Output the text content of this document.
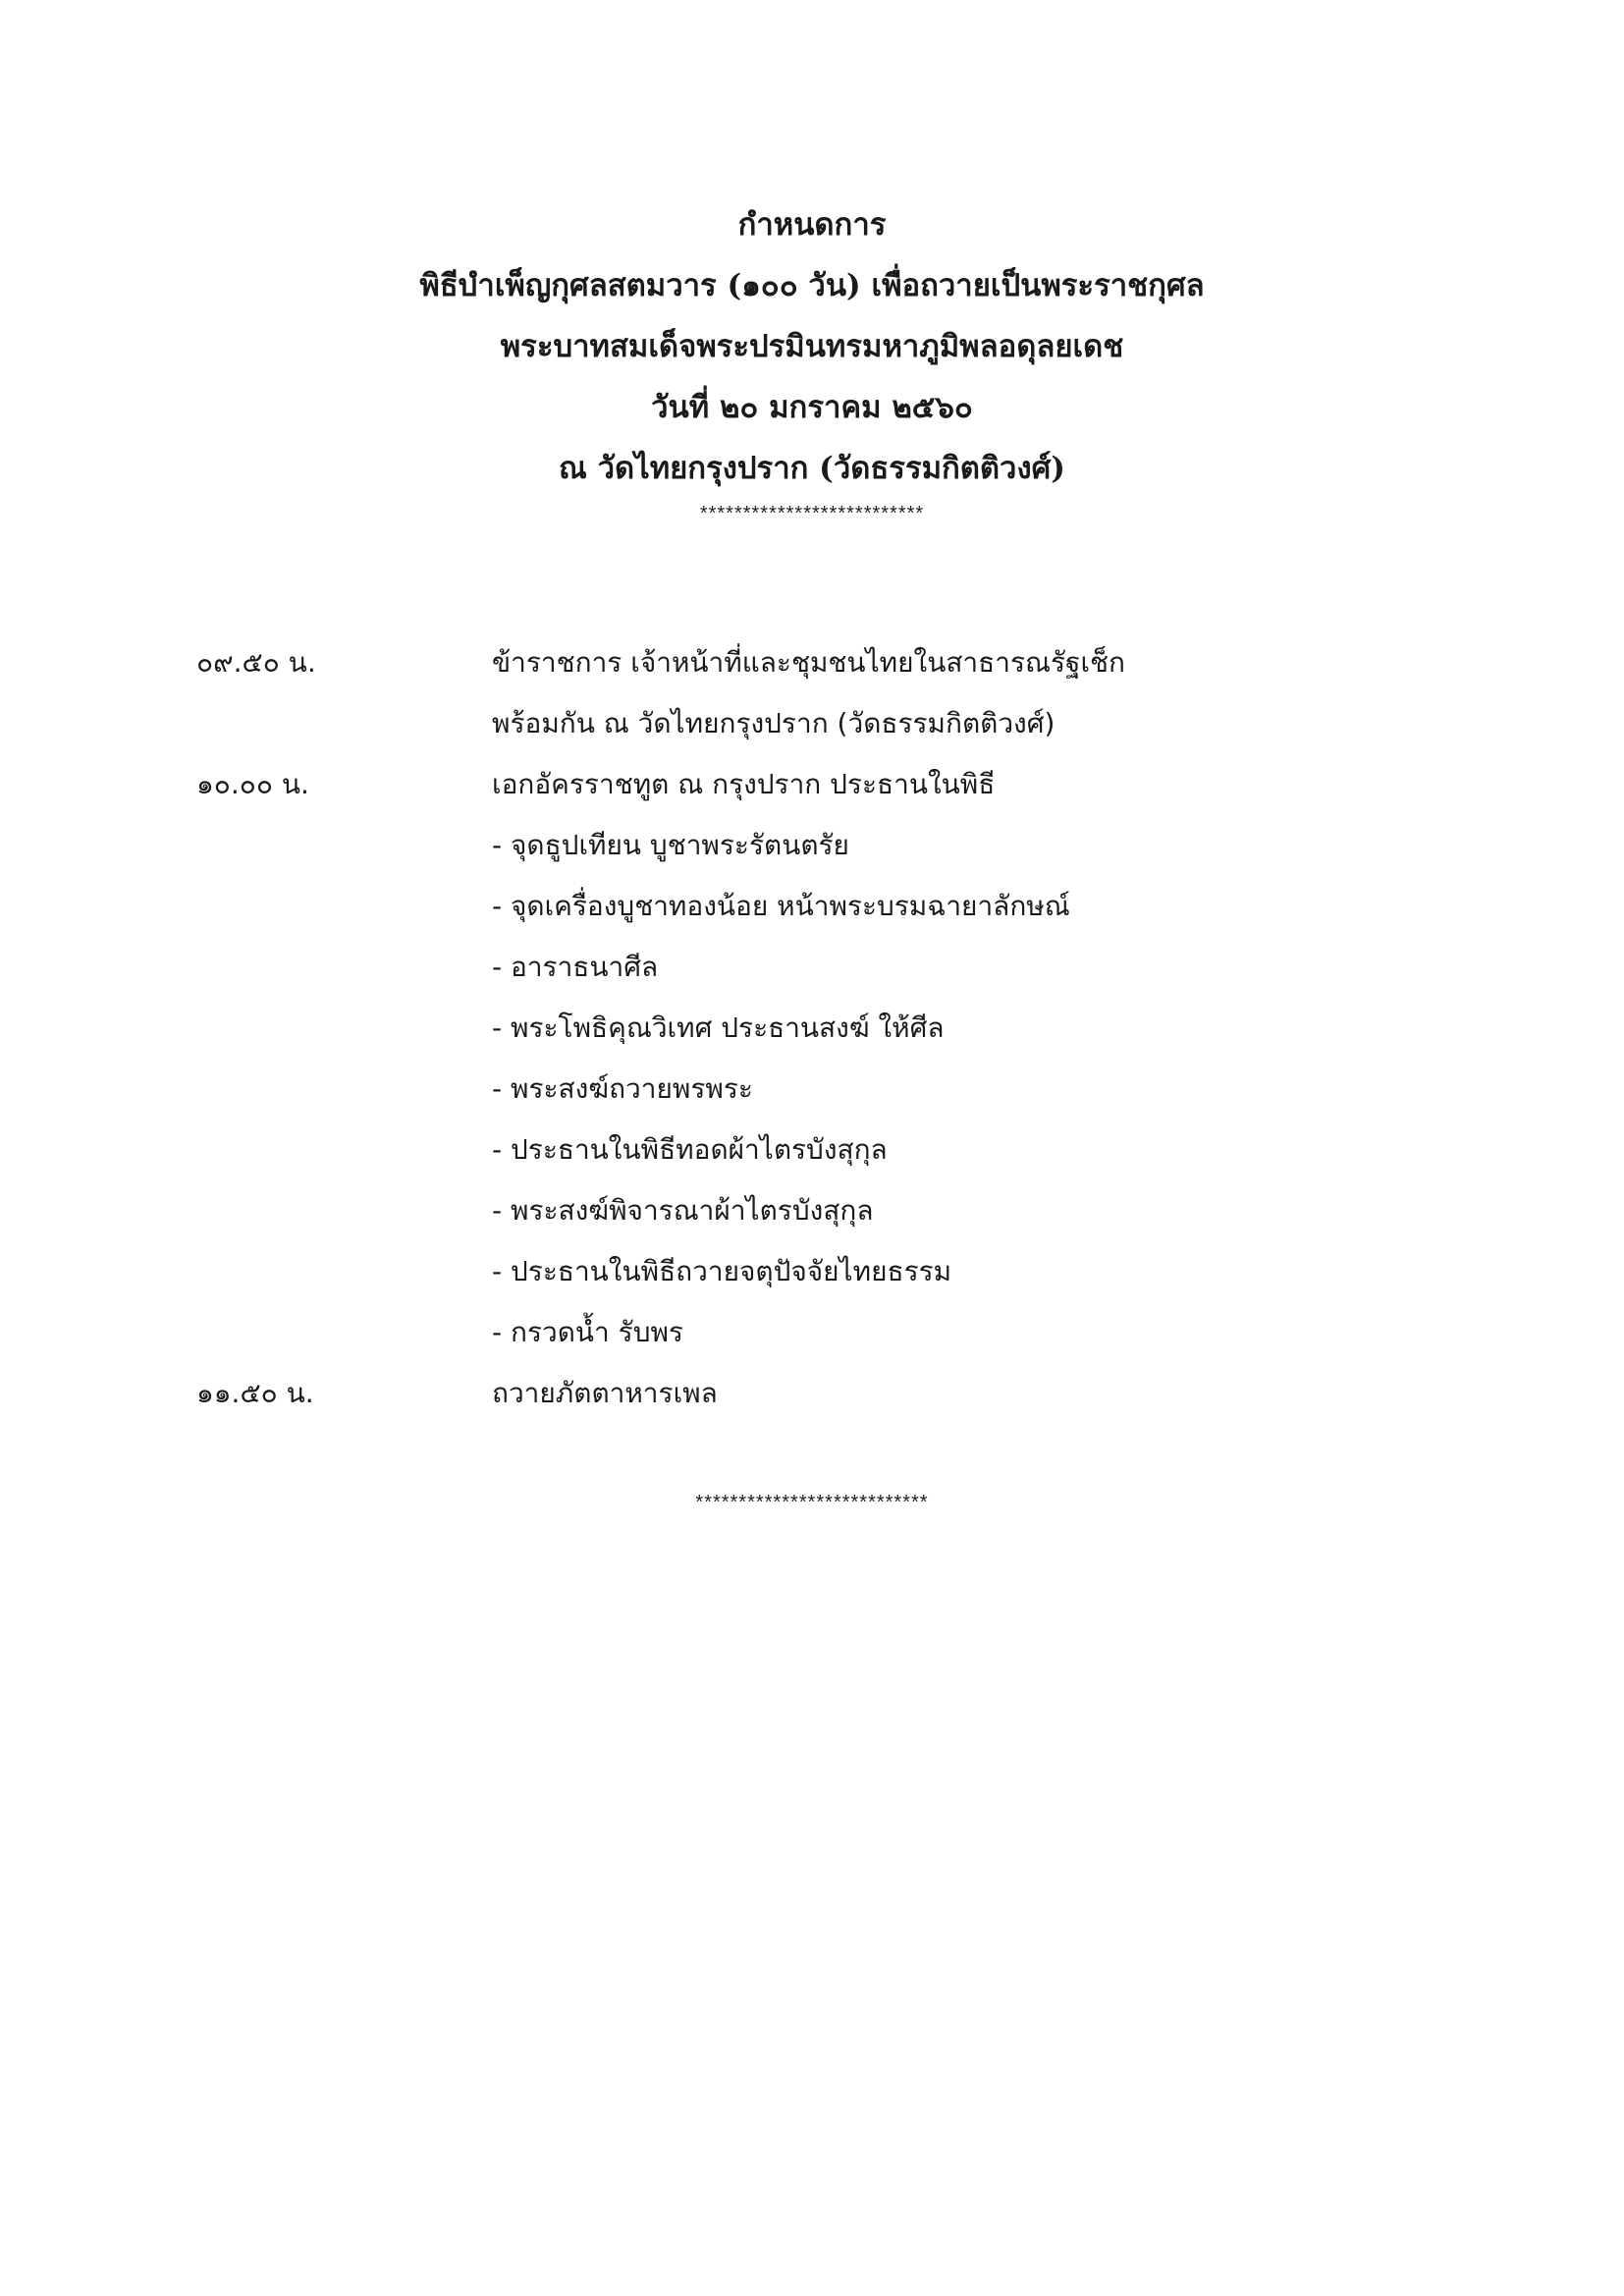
กำหนดการ
พิธีบำเพ็ญกุศลสตมวาร (๑๐๐ วัน) เพื่อถวายเป็นพระราชกุศล
พระบาทสมเด็จพระปรมินทรมหาภูมิพลอดุลยเดช
วันที่ ๒๐ มกราคม ๒๕๖๐
ณ วัดไทยกรุงปราก (วัดธรรมกิตติวงศ์)
**************************
๐๙.๕๐ น.	ข้าราชการ เจ้าหน้าที่และชุมชนไทยในสาธารณรัฐเช็ก
พร้อมกัน ณ วัดไทยกรุงปราก (วัดธรรมกิตติวงศ์)
๑๐.๐๐ น.	เอกอัครราชทูต ณ กรุงปราก ประธานในพิธี
- จุดธูปเทียน บูชาพระรัตนตรัย
- จุดเครื่องบูชาทองน้อย หน้าพระบรมฉายาลักษณ์
- อาราธนาศีล
- พระโพธิคุณวิเทศ ประธานสงฆ์ ให้ศีล
- พระสงฆ์ถวายพรพระ
- ประธานในพิธีทอดผ้าไตรบังสุกุล
- พระสงฆ์พิจารณาผ้าไตรบังสุกุล
- ประธานในพิธีถวายจตุปัจจัยไทยธรรม
- กรวดน้ำ รับพร
๑๑.๕๐ น.	ถวายภัตตาหารเพล
***************************
